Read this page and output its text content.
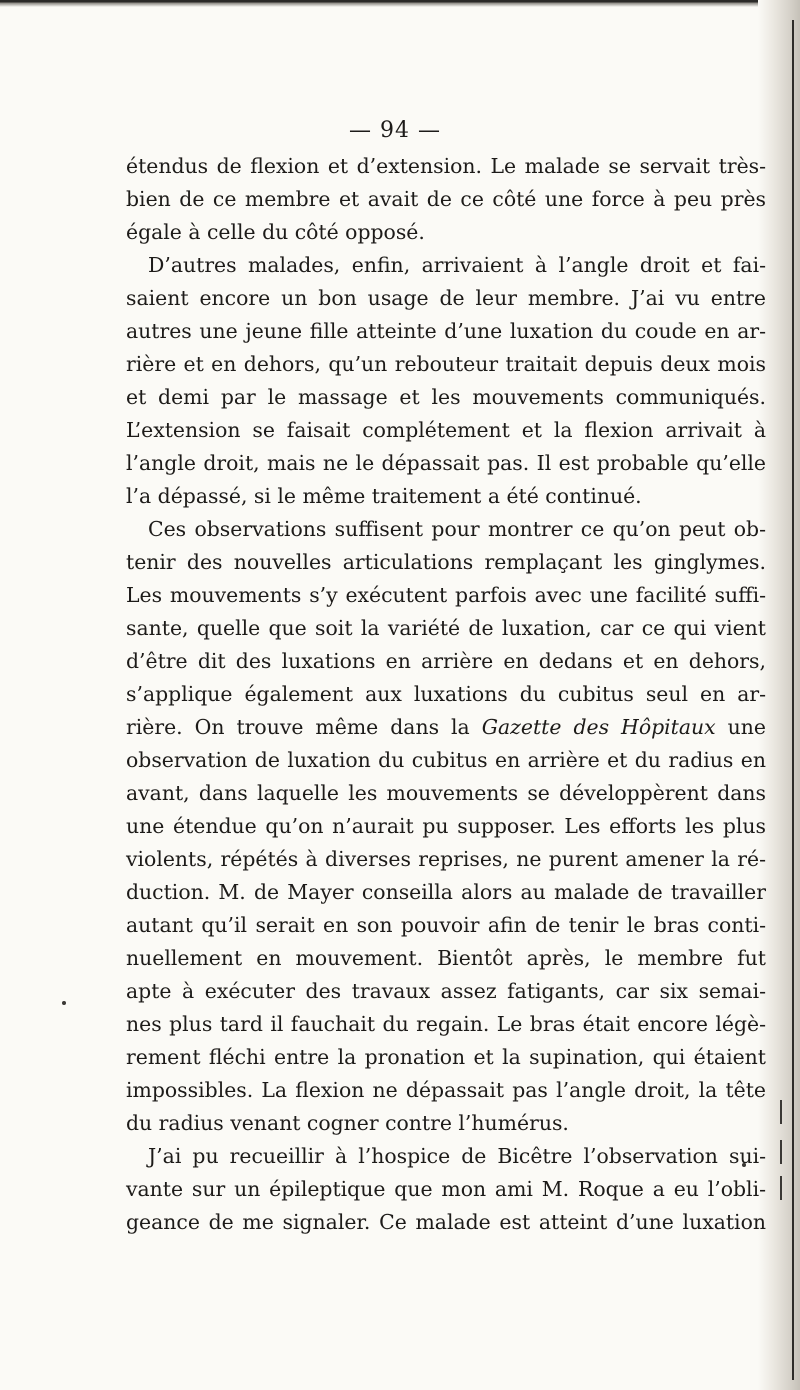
— 94 —
étendus de flexion et d’extension. Le malade se servait très-
bien de ce membre et avait de ce côté une force à peu près
égale à celle du côté opposé.
D’autres malades, enfin, arrivaient à l’angle droit et fai-
saient encore un bon usage de leur membre. J’ai vu entre
autres une jeune fille atteinte d’une luxation du coude en ar-
rière et en dehors, qu’un rebouteur traitait depuis deux mois
et demi par le massage et les mouvements communiqués.
L’extension se faisait complétement et la flexion arrivait à
l’angle droit, mais ne le dépassait pas. Il est probable qu’elle
l’a dépassé, si le même traitement a été continué.
Ces observations suffisent pour montrer ce qu’on peut ob-
tenir des nouvelles articulations remplaçant les ginglymes.
Les mouvements s’y exécutent parfois avec une facilité suffi-
sante, quelle que soit la variété de luxation, car ce qui vient
d’être dit des luxations en arrière en dedans et en dehors,
s’applique également aux luxations du cubitus seul en ar-
rière. On trouve même dans la Gazette des Hôpitaux une
observation de luxation du cubitus en arrière et du radius en
avant, dans laquelle les mouvements se développèrent dans
une étendue qu’on n’aurait pu supposer. Les efforts les plus
violents, répétés à diverses reprises, ne purent amener la ré-
duction. M. de Mayer conseilla alors au malade de travailler
autant qu’il serait en son pouvoir afin de tenir le bras conti-
nuellement en mouvement. Bientôt après, le membre fut
apte à exécuter des travaux assez fatigants, car six semai-
nes plus tard il fauchait du regain. Le bras était encore légè-
rement fléchi entre la pronation et la supination, qui étaient
impossibles. La flexion ne dépassait pas l’angle droit, la tête
du radius venant cogner contre l’humérus.
J’ai pu recueillir à l’hospice de Bicêtre l’observation sui-
vante sur un épileptique que mon ami M. Roque a eu l’obli-
geance de me signaler. Ce malade est atteint d’une luxation
